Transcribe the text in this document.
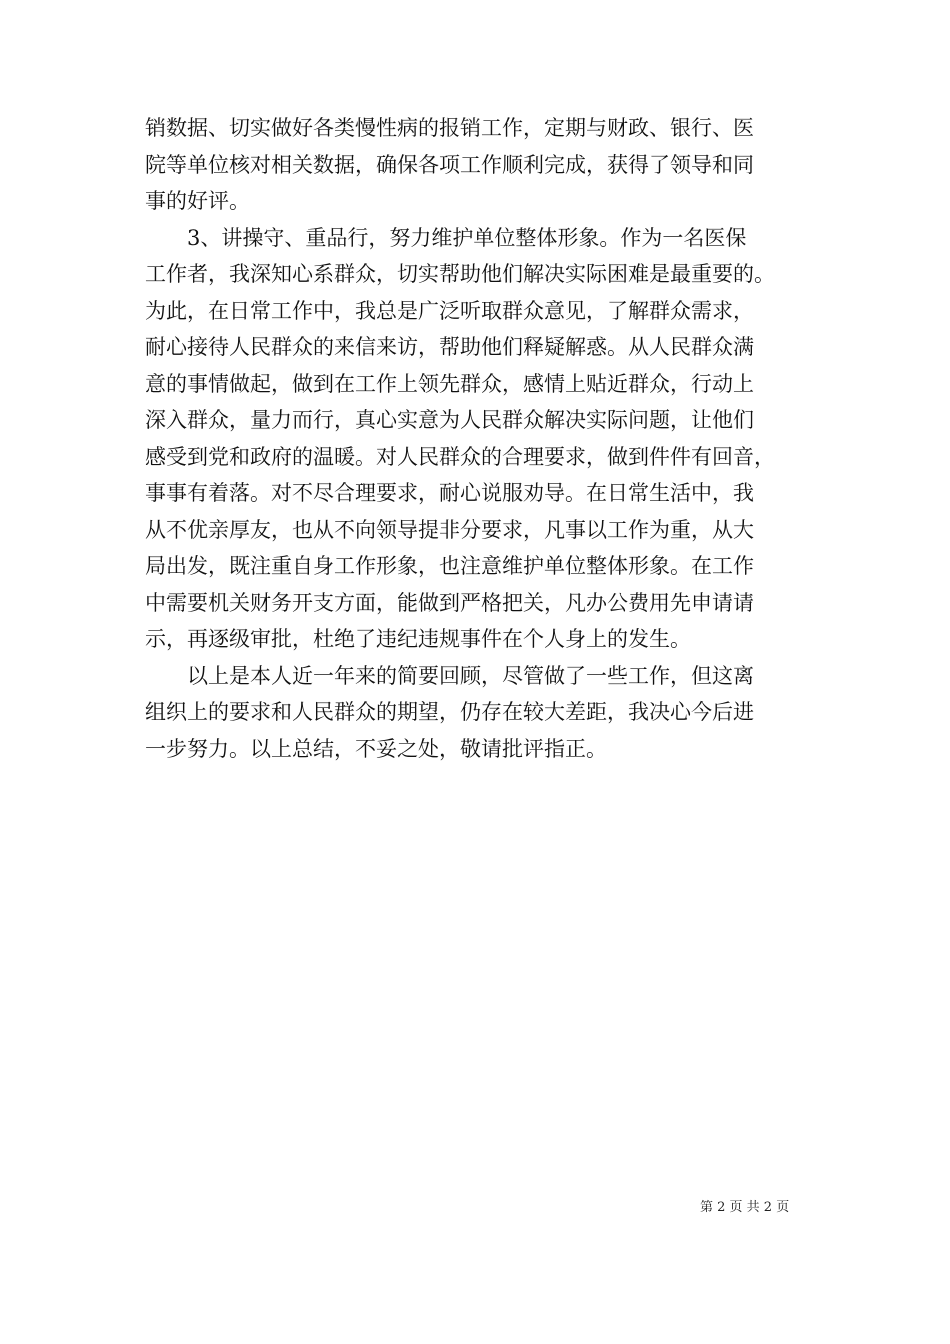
销数据、切实做好各类慢性病的报销工作，定期与财政、银行、医
院等单位核对相关数据，确保各项工作顺利完成，获得了领导和同
事的好评。
3、讲操守、重品行，努力维护单位整体形象。作为一名医保
工作者，我深知心系群众，切实帮助他们解决实际困难是最重要的。
为此，在日常工作中，我总是广泛听取群众意见，了解群众需求，
耐心接待人民群众的来信来访，帮助他们释疑解惑。从人民群众满
意的事情做起，做到在工作上领先群众，感情上贴近群众，行动上
深入群众，量力而行，真心实意为人民群众解决实际问题，让他们
感受到党和政府的温暖。对人民群众的合理要求，做到件件有回音，
事事有着落。对不尽合理要求，耐心说服劝导。在日常生活中，我
从不优亲厚友，也从不向领导提非分要求，凡事以工作为重，从大
局出发，既注重自身工作形象，也注意维护单位整体形象。在工作
中需要机关财务开支方面，能做到严格把关，凡办公费用先申请请
示，再逐级审批，杜绝了违纪违规事件在个人身上的发生。
以上是本人近一年来的简要回顾，尽管做了一些工作，但这离
组织上的要求和人民群众的期望，仍存在较大差距，我决心今后进
一步努力。以上总结，不妥之处，敬请批评指正。
第 2 页 共 2 页
